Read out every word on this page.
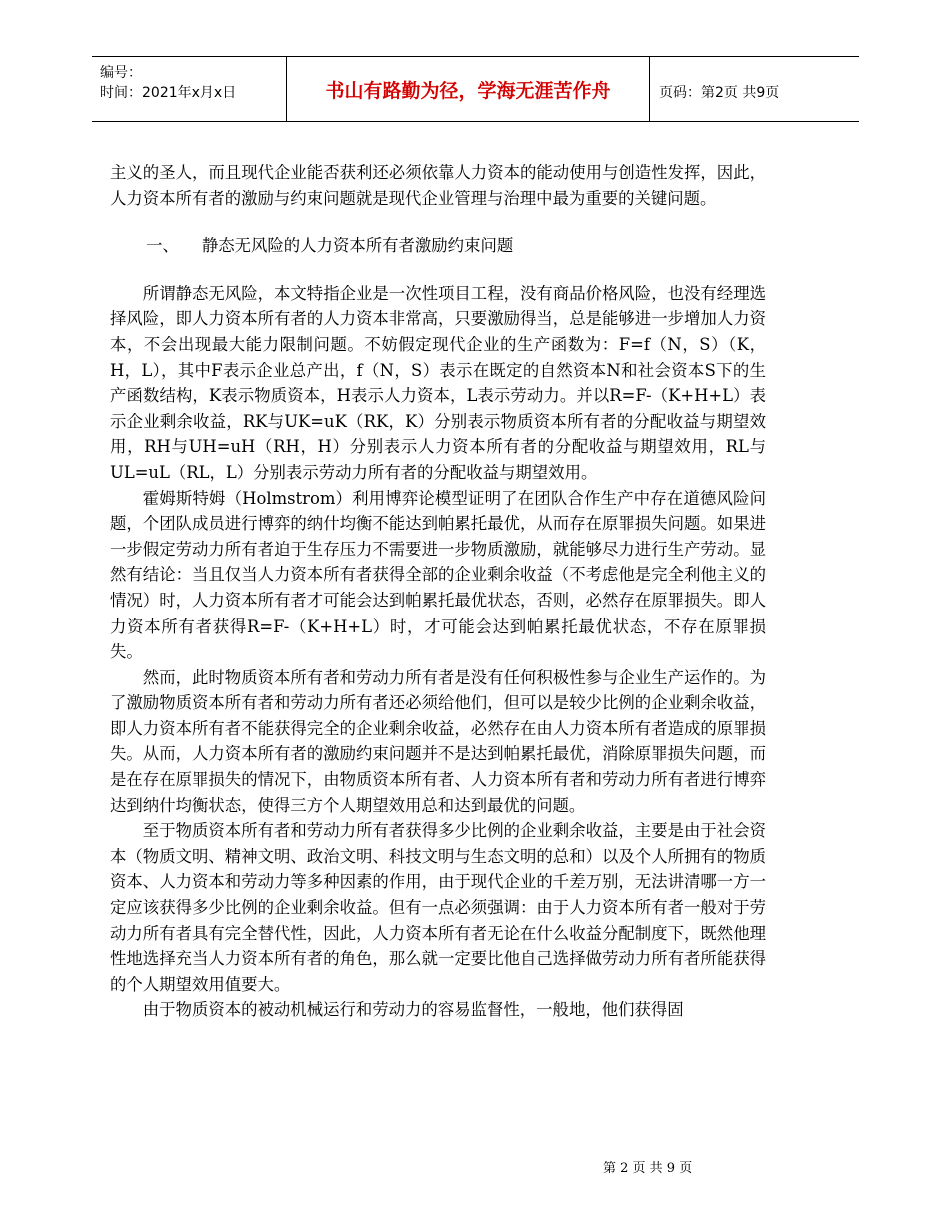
编号：
时间：2021年x月x日	书山有路勤为径，学海无涯苦作舟	页码：第2页 共9页

主义的圣人，而且现代企业能否获利还必须依靠人力资本的能动使用与创造性发挥，因此，人力资本所有者的激励与约束问题就是现代企业管理与治理中最为重要的关键问题。

一、 静态无风险的人力资本所有者激励约束问题

所谓静态无风险，本文特指企业是一次性项目工程，没有商品价格风险，也没有经理选择风险，即人力资本所有者的人力资本非常高，只要激励得当，总是能够进一步增加人力资本，不会出现最大能力限制问题。不妨假定现代企业的生产函数为：F=f（N，S）（K，H，L），其中F表示企业总产出，f（N，S）表示在既定的自然资本N和社会资本S下的生产函数结构，K表示物质资本，H表示人力资本，L表示劳动力。并以R=F-（K+H+L）表示企业剩余收益，RK与UK=uK（RK，K）分别表示物质资本所有者的分配收益与期望效用，RH与UH=uH（RH，H）分别表示人力资本所有者的分配收益与期望效用，RL与UL=uL（RL，L）分别表示劳动力所有者的分配收益与期望效用。

霍姆斯特姆（Holmstrom）利用博弈论模型证明了在团队合作生产中存在道德风险问题，个团队成员进行博弈的纳什均衡不能达到帕累托最优，从而存在原罪损失问题。如果进一步假定劳动力所有者迫于生存压力不需要进一步物质激励，就能够尽力进行生产劳动。显然有结论：当且仅当人力资本所有者获得全部的企业剩余收益（不考虑他是完全利他主义的情况）时，人力资本所有者才可能会达到帕累托最优状态，否则，必然存在原罪损失。即人力资本所有者获得R=F-（K+H+L）时，才可能会达到帕累托最优状态，不存在原罪损失。

然而，此时物质资本所有者和劳动力所有者是没有任何积极性参与企业生产运作的。为了激励物质资本所有者和劳动力所有者还必须给他们，但可以是较少比例的企业剩余收益，即人力资本所有者不能获得完全的企业剩余收益，必然存在由人力资本所有者造成的原罪损失。从而，人力资本所有者的激励约束问题并不是达到帕累托最优，消除原罪损失问题，而是在存在原罪损失的情况下，由物质资本所有者、人力资本所有者和劳动力所有者进行博弈达到纳什均衡状态，使得三方个人期望效用总和达到最优的问题。

至于物质资本所有者和劳动力所有者获得多少比例的企业剩余收益，主要是由于社会资本（物质文明、精神文明、政治文明、科技文明与生态文明的总和）以及个人所拥有的物质资本、人力资本和劳动力等多种因素的作用，由于现代企业的千差万别，无法讲清哪一方一定应该获得多少比例的企业剩余收益。但有一点必须强调：由于人力资本所有者一般对于劳动力所有者具有完全替代性，因此，人力资本所有者无论在什么收益分配制度下，既然他理性地选择充当人力资本所有者的角色，那么就一定要比他自己选择做劳动力所有者所能获得的个人期望效用值要大。

由于物质资本的被动机械运行和劳动力的容易监督性，一般地，他们获得固

第 2 页 共 9 页
